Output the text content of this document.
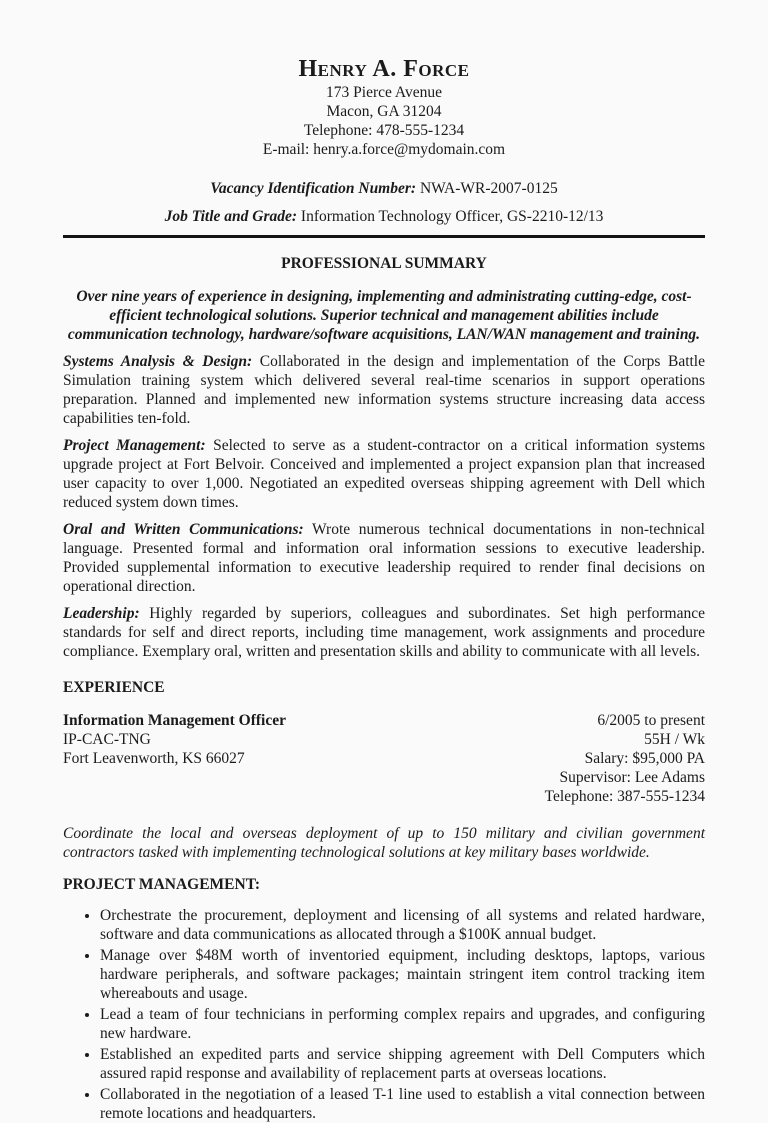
Henry A. Force
173 Pierce Avenue
Macon, GA 31204
Telephone: 478-555-1234
E-mail: henry.a.force@mydomain.com

Vacancy Identification Number: NWA-WR-2007-0125

Job Title and Grade: Information Technology Officer, GS-2210-12/13

PROFESSIONAL SUMMARY

Over nine years of experience in designing, implementing and administrating cutting-edge, cost-efficient technological solutions. Superior technical and management abilities include communication technology, hardware/software acquisitions, LAN/WAN management and training.

Systems Analysis & Design: Collaborated in the design and implementation of the Corps Battle Simulation training system which delivered several real-time scenarios in support operations preparation. Planned and implemented new information systems structure increasing data access capabilities ten-fold.

Project Management: Selected to serve as a student-contractor on a critical information systems upgrade project at Fort Belvoir. Conceived and implemented a project expansion plan that increased user capacity to over 1,000. Negotiated an expedited overseas shipping agreement with Dell which reduced system down times.

Oral and Written Communications: Wrote numerous technical documentations in non-technical language. Presented formal and information oral information sessions to executive leadership. Provided supplemental information to executive leadership required to render final decisions on operational direction.

Leadership: Highly regarded by superiors, colleagues and subordinates. Set high performance standards for self and direct reports, including time management, work assignments and procedure compliance. Exemplary oral, written and presentation skills and ability to communicate with all levels.

EXPERIENCE
Information Management Officer
IP-CAC-TNG
Fort Leavenworth, KS 66027
6/2005 to present
55H / Wk
Salary: $95,000 PA
Supervisor: Lee Adams
Telephone: 387-555-1234

Coordinate the local and overseas deployment of up to 150 military and civilian government contractors tasked with implementing technological solutions at key military bases worldwide.

PROJECT MANAGEMENT:
• Orchestrate the procurement, deployment and licensing of all systems and related hardware, software and data communications as allocated through a $100K annual budget.
• Manage over $48M worth of inventoried equipment, including desktops, laptops, various hardware peripherals, and software packages; maintain stringent item control tracking item whereabouts and usage.
• Lead a team of four technicians in performing complex repairs and upgrades, and configuring new hardware.
• Established an expedited parts and service shipping agreement with Dell Computers which assured rapid response and availability of replacement parts at overseas locations.
• Collaborated in the negotiation of a leased T-1 line used to establish a vital connection between remote locations and headquarters.
